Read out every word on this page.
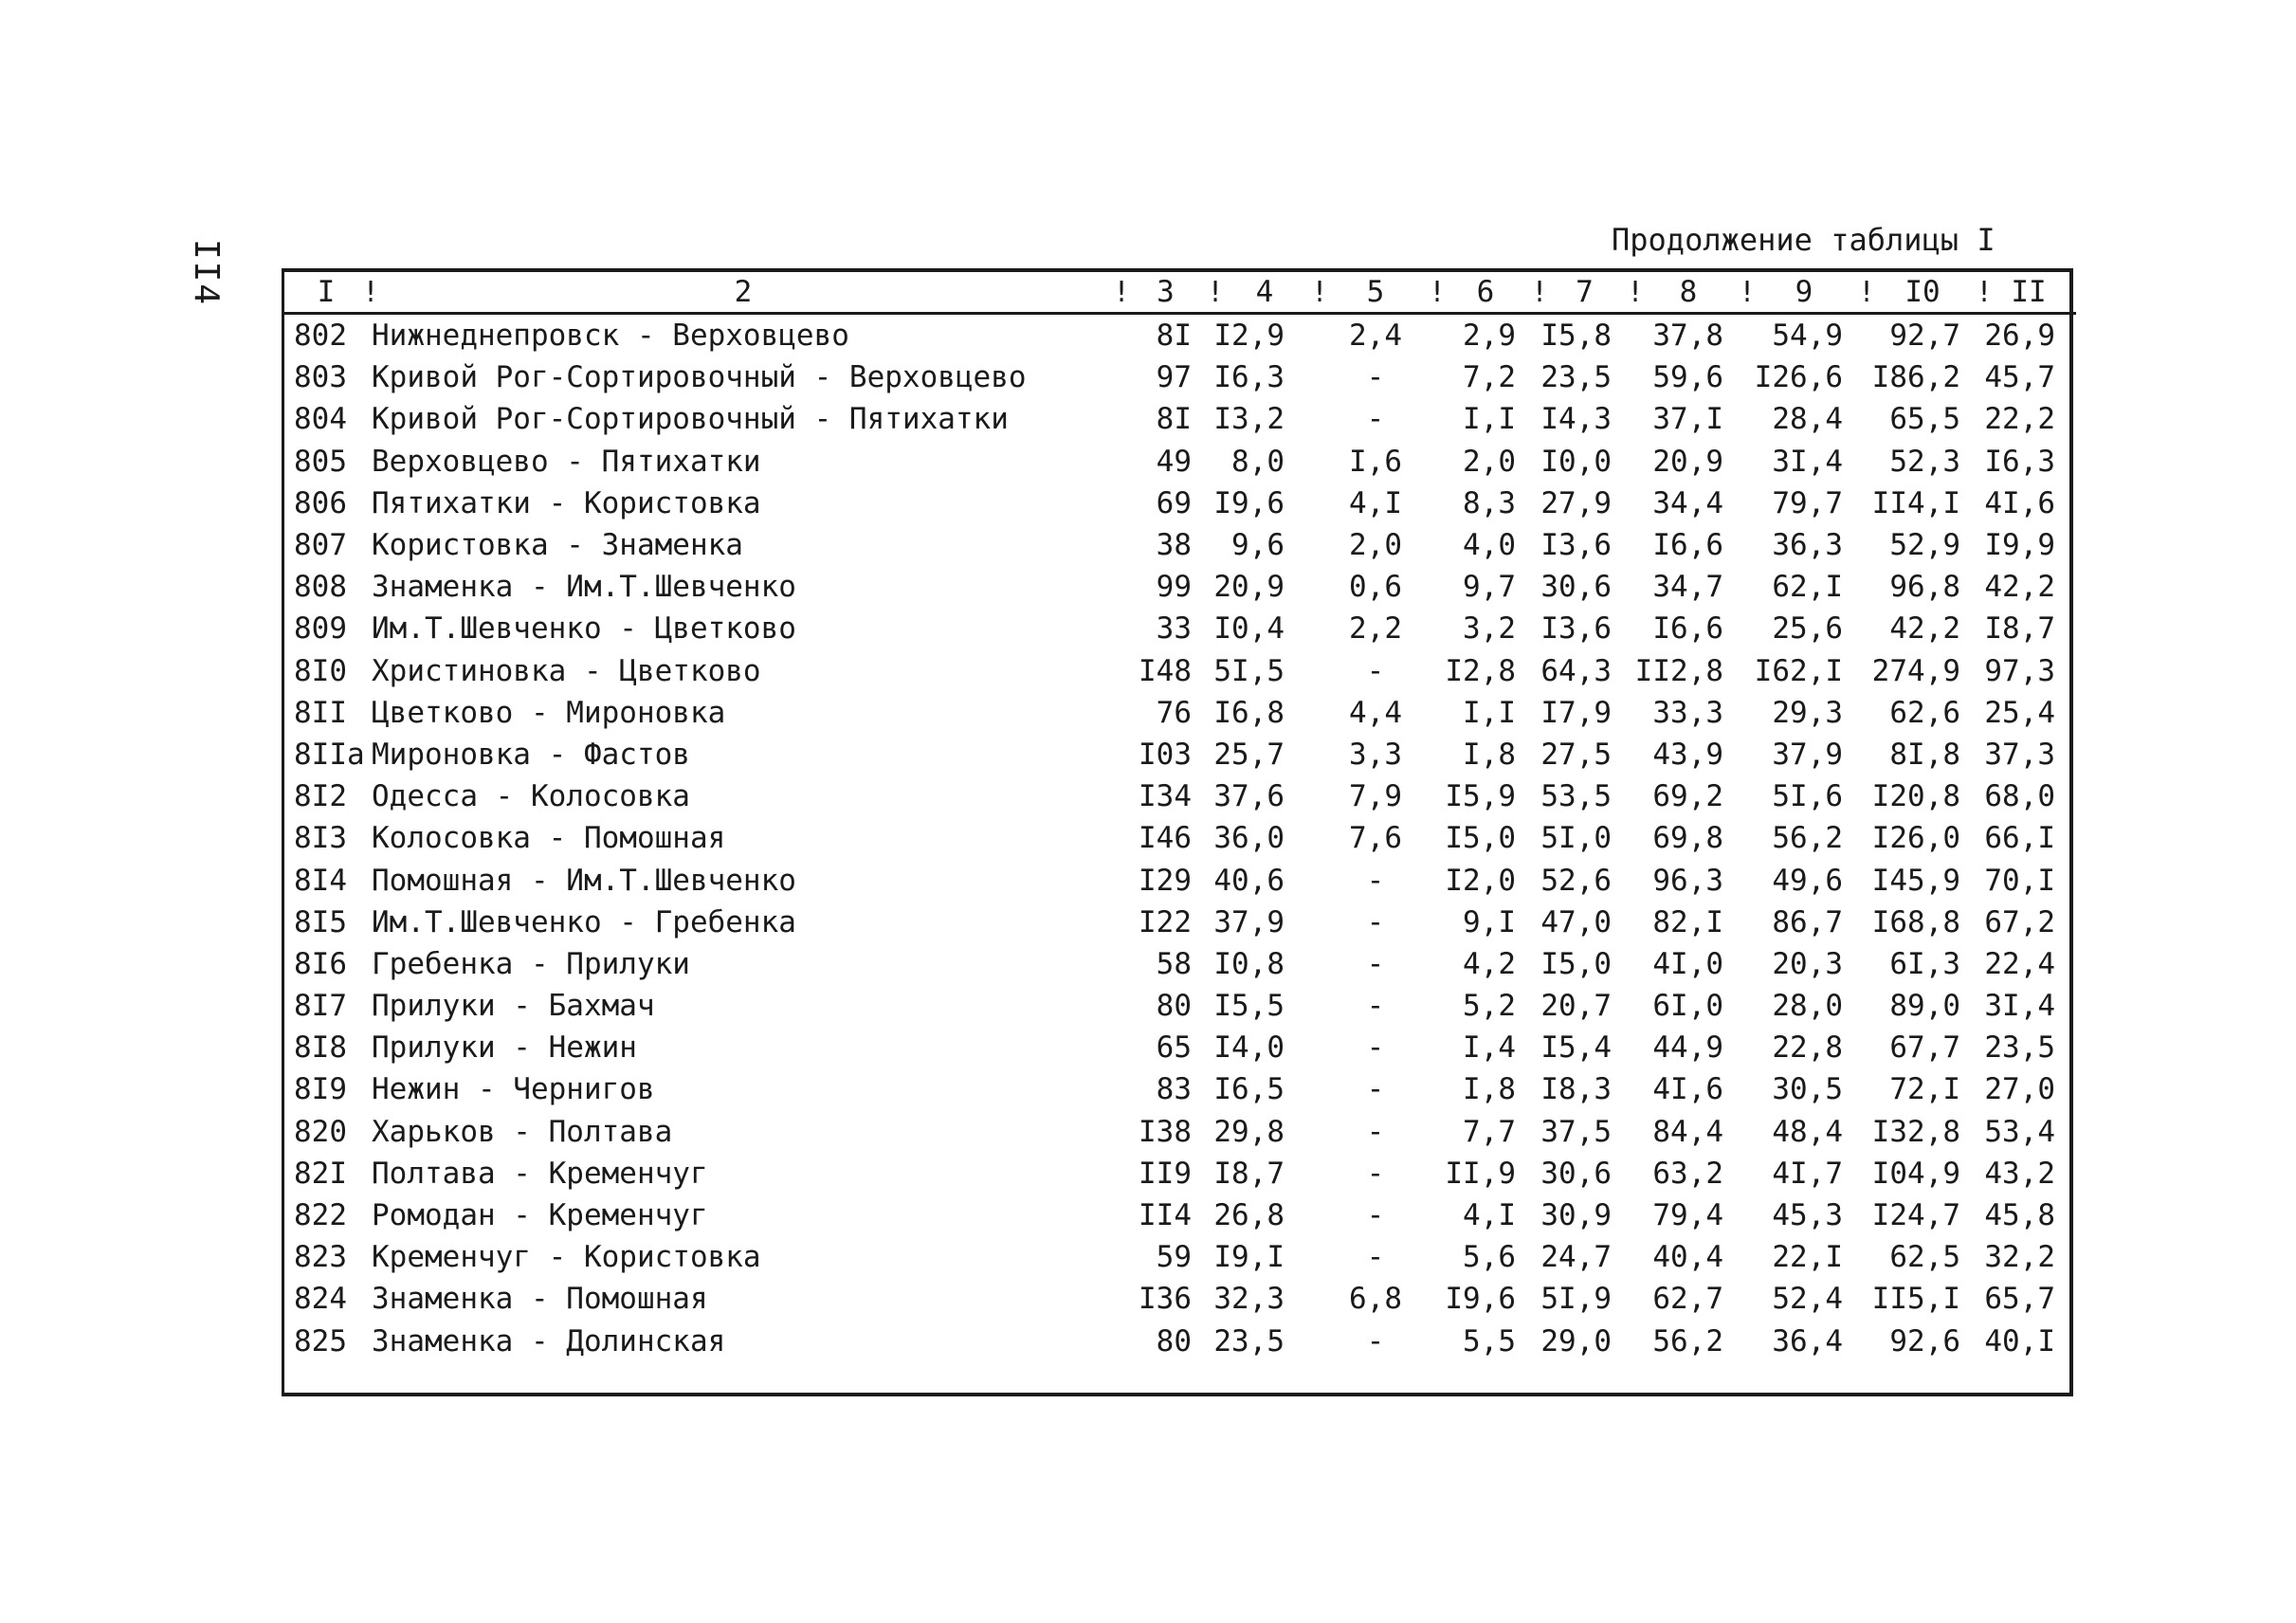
II4	Продолжение таблицы I
I	! 2	! 3	! 4	! 5	! 6	! 7	! 8	! 9	! I0	! II
802	Нижнеднепровск - Верховцево	8I	I2,9	2,4	2,9	I5,8	37,8	54,9	92,7	26,9
803	Кривой Рог-Сортировочный - Верховцево	97	I6,3	-	7,2	23,5	59,6	I26,6	I86,2	45,7
804	Кривой Рог-Сортировочный - Пятихатки	8I	I3,2	-	I,I	I4,3	37,I	28,4	65,5	22,2
805	Верховцево - Пятихатки	49	8,0	I,6	2,0	I0,0	20,9	3I,4	52,3	I6,3
806	Пятихатки - Користовка	69	I9,6	4,I	8,3	27,9	34,4	79,7	II4,I	4I,6
807	Користовка - Знаменка	38	9,6	2,0	4,0	I3,6	I6,6	36,3	52,9	I9,9
808	Знаменка - Им.Т.Шевченко	99	20,9	0,6	9,7	30,6	34,7	62,I	96,8	42,2
809	Им.Т.Шевченко - Цветково	33	I0,4	2,2	3,2	I3,6	I6,6	25,6	42,2	I8,7
8I0	Христиновка - Цветково	I48	5I,5	-	I2,8	64,3	II2,8	I62,I	274,9	97,3
8II	Цветково - Мироновка	76	I6,8	4,4	I,I	I7,9	33,3	29,3	62,6	25,4
8IIа	Мироновка - Фастов	I03	25,7	3,3	I,8	27,5	43,9	37,9	8I,8	37,3
8I2	Одесса - Колосовка	I34	37,6	7,9	I5,9	53,5	69,2	5I,6	I20,8	68,0
8I3	Колосовка - Помошная	I46	36,0	7,6	I5,0	5I,0	69,8	56,2	I26,0	66,I
8I4	Помошная - Им.Т.Шевченко	I29	40,6	-	I2,0	52,6	96,3	49,6	I45,9	70,I
8I5	Им.Т.Шевченко - Гребенка	I22	37,9	-	9,I	47,0	82,I	86,7	I68,8	67,2
8I6	Гребенка - Прилуки	58	I0,8	-	4,2	I5,0	4I,0	20,3	6I,3	22,4
8I7	Прилуки - Бахмач	80	I5,5	-	5,2	20,7	6I,0	28,0	89,0	3I,4
8I8	Прилуки - Нежин	65	I4,0	-	I,4	I5,4	44,9	22,8	67,7	23,5
8I9	Нежин - Чернигов	83	I6,5	-	I,8	I8,3	4I,6	30,5	72,I	27,0
820	Харьков - Полтава	I38	29,8	-	7,7	37,5	84,4	48,4	I32,8	53,4
82I	Полтава - Кременчуг	II9	I8,7	-	II,9	30,6	63,2	4I,7	I04,9	43,2
822	Ромодан - Кременчуг	II4	26,8	-	4,I	30,9	79,4	45,3	I24,7	45,8
823	Кременчуг - Користовка	59	I9,I	-	5,6	24,7	40,4	22,I	62,5	32,2
824	Знаменка - Помошная	I36	32,3	6,8	I9,6	5I,9	62,7	52,4	II5,I	65,7
825	Знаменка - Долинская	80	23,5	-	5,5	29,0	56,2	36,4	92,6	40,I
